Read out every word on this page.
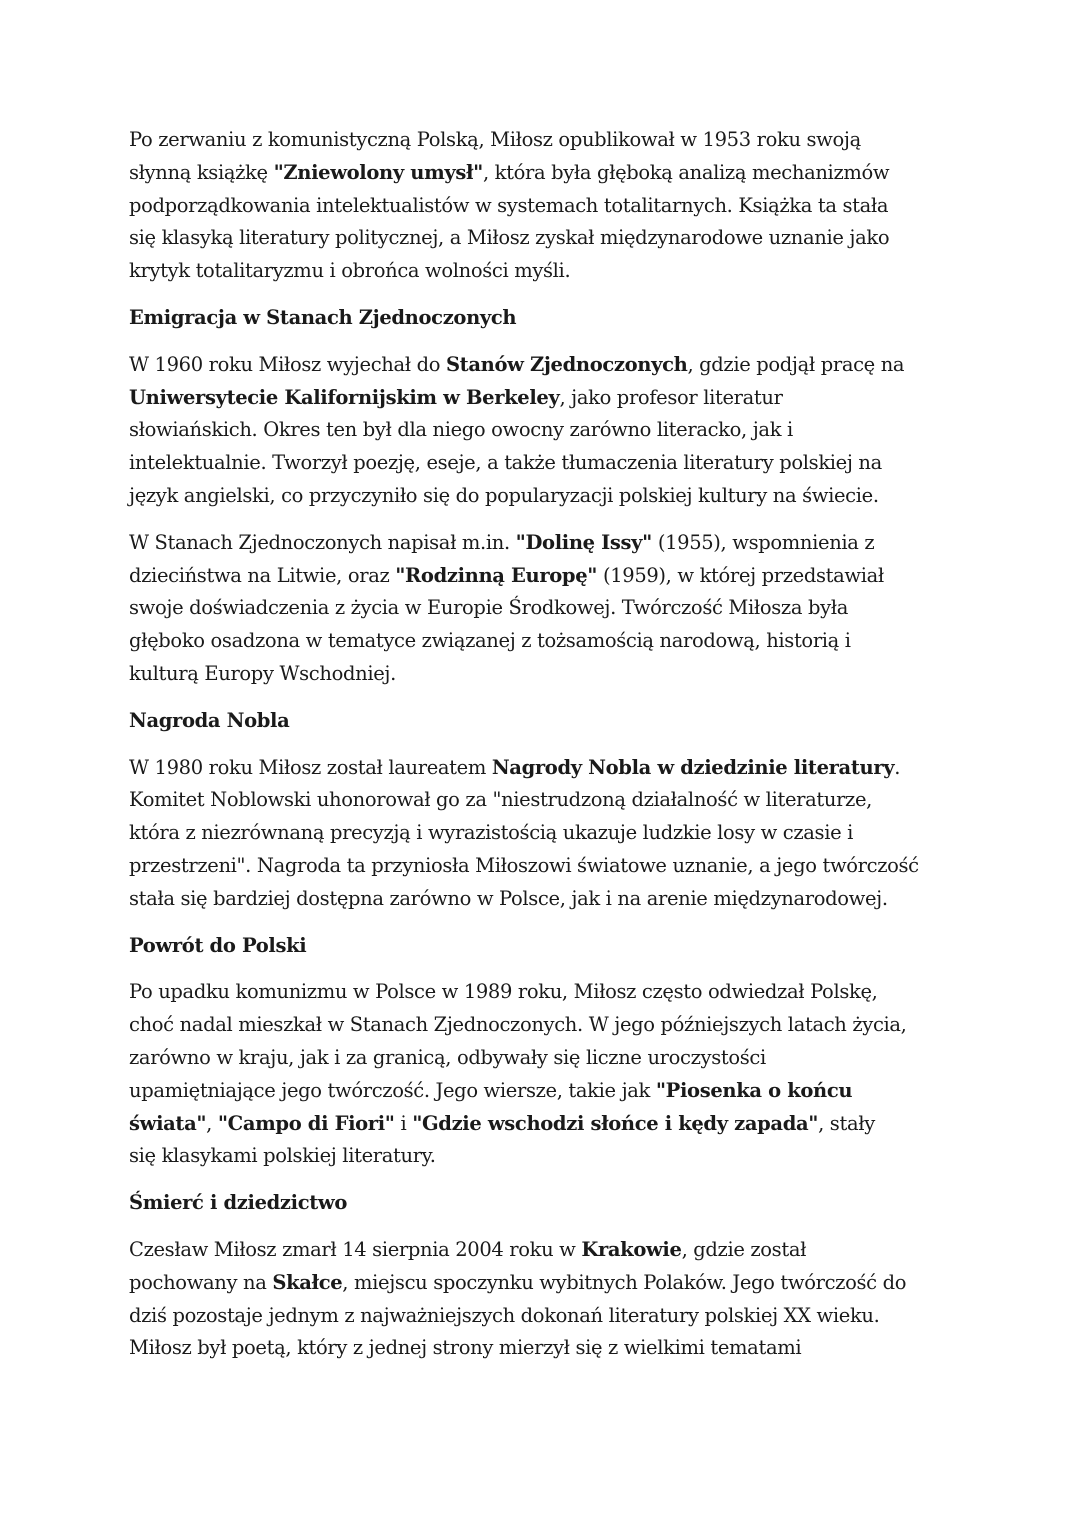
Po zerwaniu z komunistyczną Polską, Miłosz opublikował w 1953 roku swoją
słynną książkę "Zniewolony umysł", która była głęboką analizą mechanizmów
podporządkowania intelektualistów w systemach totalitarnych. Książka ta stała
się klasyką literatury politycznej, a Miłosz zyskał międzynarodowe uznanie jako
krytyk totalitaryzmu i obrońca wolności myśli.
Emigracja w Stanach Zjednoczonych
W 1960 roku Miłosz wyjechał do Stanów Zjednoczonych, gdzie podjął pracę na
Uniwersytecie Kalifornijskim w Berkeley, jako profesor literatur
słowiańskich. Okres ten był dla niego owocny zarówno literacko, jak i
intelektualnie. Tworzył poezję, eseje, a także tłumaczenia literatury polskiej na
język angielski, co przyczyniło się do popularyzacji polskiej kultury na świecie.
W Stanach Zjednoczonych napisał m.in. "Dolinę Issy" (1955), wspomnienia z
dzieciństwa na Litwie, oraz "Rodzinną Europę" (1959), w której przedstawiał
swoje doświadczenia z życia w Europie Środkowej. Twórczość Miłosza była
głęboko osadzona w tematyce związanej z tożsamością narodową, historią i
kulturą Europy Wschodniej.
Nagroda Nobla
W 1980 roku Miłosz został laureatem Nagrody Nobla w dziedzinie literatury.
Komitet Noblowski uhonorował go za "niestrudzoną działalność w literaturze,
która z niezrównaną precyzją i wyrazistością ukazuje ludzkie losy w czasie i
przestrzeni". Nagroda ta przyniosła Miłoszowi światowe uznanie, a jego twórczość
stała się bardziej dostępna zarówno w Polsce, jak i na arenie międzynarodowej.
Powrót do Polski
Po upadku komunizmu w Polsce w 1989 roku, Miłosz często odwiedzał Polskę,
choć nadal mieszkał w Stanach Zjednoczonych. W jego późniejszych latach życia,
zarówno w kraju, jak i za granicą, odbywały się liczne uroczystości
upamiętniające jego twórczość. Jego wiersze, takie jak "Piosenka o końcu
świata", "Campo di Fiori" i "Gdzie wschodzi słońce i kędy zapada", stały
się klasykami polskiej literatury.
Śmierć i dziedzictwo
Czesław Miłosz zmarł 14 sierpnia 2004 roku w Krakowie, gdzie został
pochowany na Skałce, miejscu spoczynku wybitnych Polaków. Jego twórczość do
dziś pozostaje jednym z najważniejszych dokonań literatury polskiej XX wieku.
Miłosz był poetą, który z jednej strony mierzył się z wielkimi tematami
